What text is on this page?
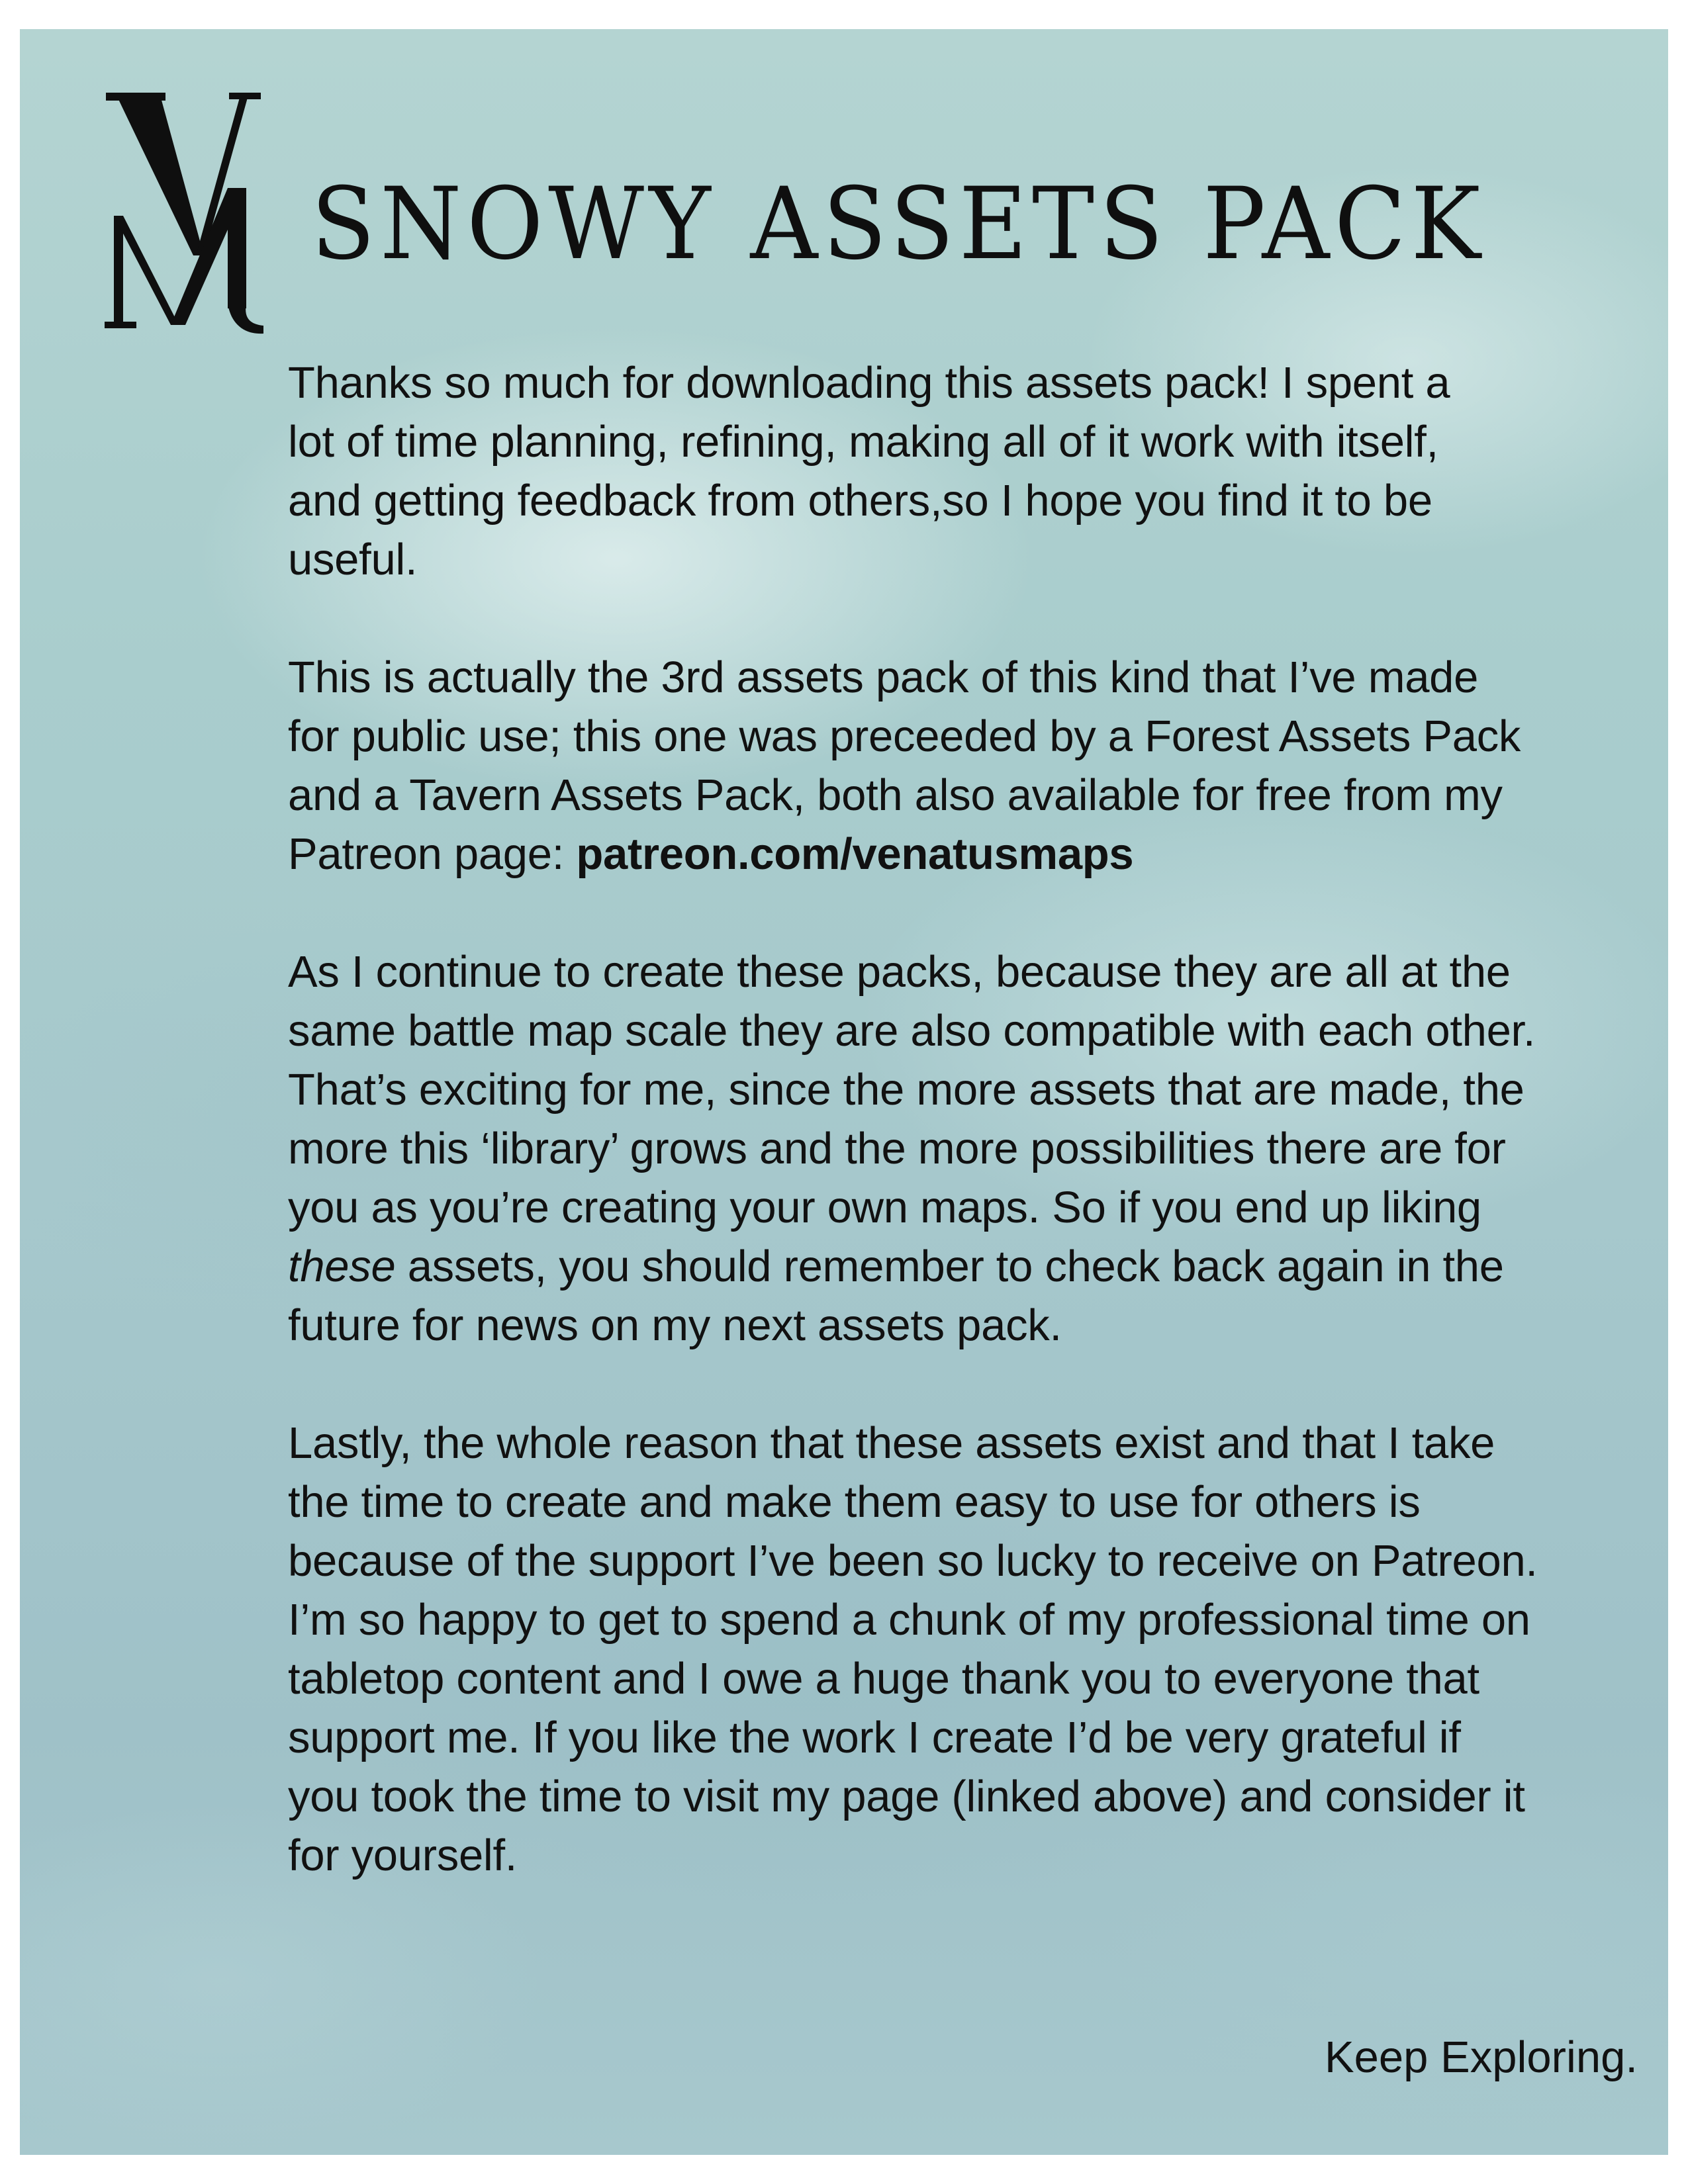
SNOWY ASSETS PACK

Thanks so much for downloading this assets pack! I spent a
lot of time planning, refining, making all of it work with itself,
and getting feedback from others,so I hope you find it to be
useful.

This is actually the 3rd assets pack of this kind that I’ve made
for public use; this one was preceeded by a Forest Assets Pack
and a Tavern Assets Pack, both also available for free from my
Patreon page: patreon.com/venatusmaps

As I continue to create these packs, because they are all at the
same battle map scale they are also compatible with each other.
That’s exciting for me, since the more assets that are made, the
more this ‘library’ grows and the more possibilities there are for
you as you’re creating your own maps. So if you end up liking
these assets, you should remember to check back again in the
future for news on my next assets pack.

Lastly, the whole reason that these assets exist and that I take
the time to create and make them easy to use for others is
because of the support I’ve been so lucky to receive on Patreon.
I’m so happy to get to spend a chunk of my professional time on
tabletop content and I owe a huge thank you to everyone that
support me. If you like the work I create I’d be very grateful if
you took the time to visit my page (linked above) and consider it
for yourself.

Keep Exploring.
